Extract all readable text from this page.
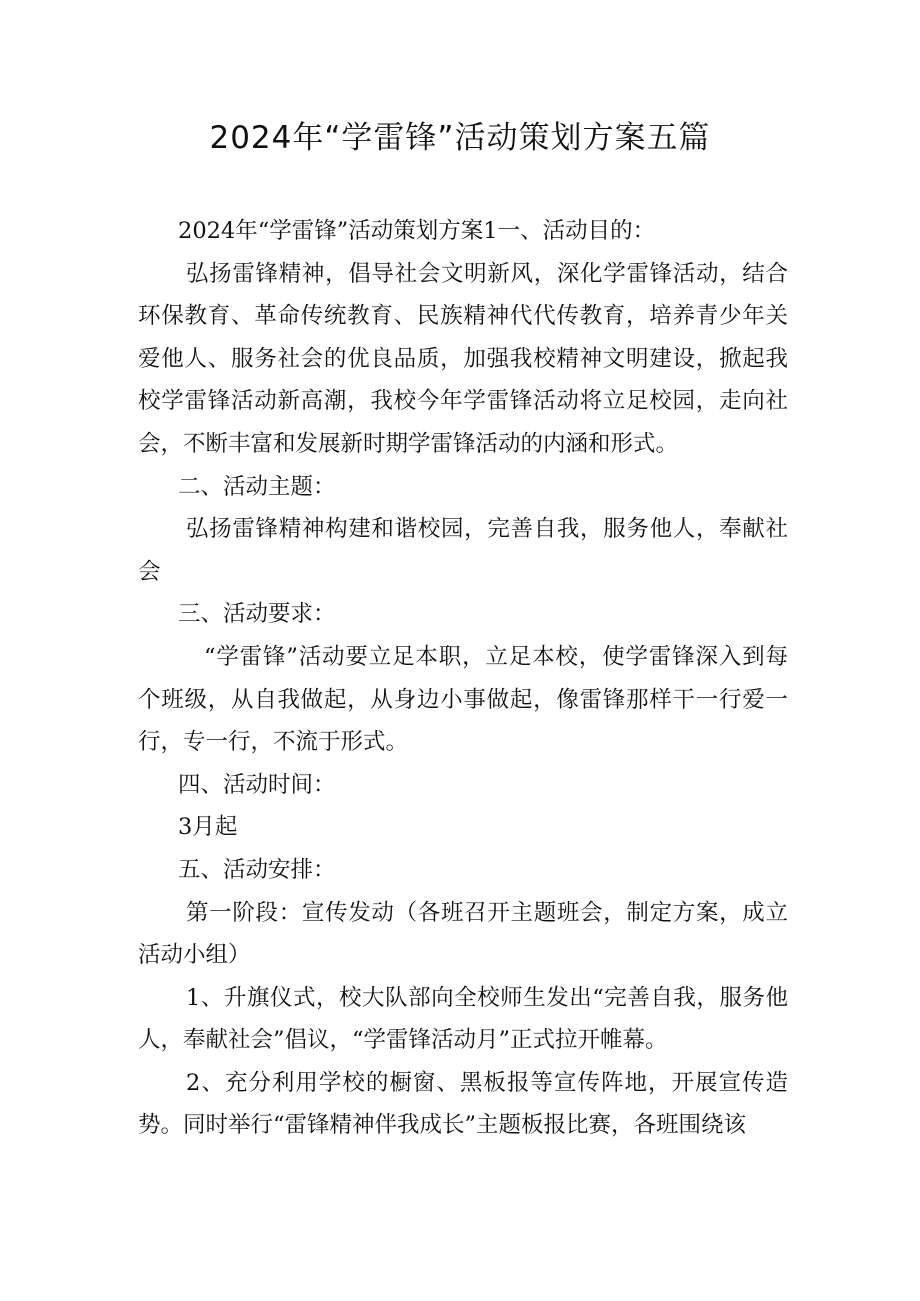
2024年“学雷锋”活动策划方案五篇

2024年“学雷锋”活动策划方案1一、活动目的：

弘扬雷锋精神，倡导社会文明新风，深化学雷锋活动，结合环保教育、革命传统教育、民族精神代代传教育，培养青少年关爱他人、服务社会的优良品质，加强我校精神文明建设，掀起我校学雷锋活动新高潮，我校今年学雷锋活动将立足校园，走向社会，不断丰富和发展新时期学雷锋活动的内涵和形式。

二、活动主题：

弘扬雷锋精神构建和谐校园，完善自我，服务他人，奉献社会

三、活动要求：

“学雷锋”活动要立足本职，立足本校，使学雷锋深入到每个班级，从自我做起，从身边小事做起，像雷锋那样干一行爱一行，专一行，不流于形式。

四、活动时间：

3月起

五、活动安排：

第一阶段：宣传发动（各班召开主题班会，制定方案，成立活动小组）

1、升旗仪式，校大队部向全校师生发出“完善自我，服务他人，奉献社会”倡议，“学雷锋活动月”正式拉开帷幕。

2、充分利用学校的橱窗、黑板报等宣传阵地，开展宣传造势。同时举行“雷锋精神伴我成长”主题板报比赛，各班围绕该
